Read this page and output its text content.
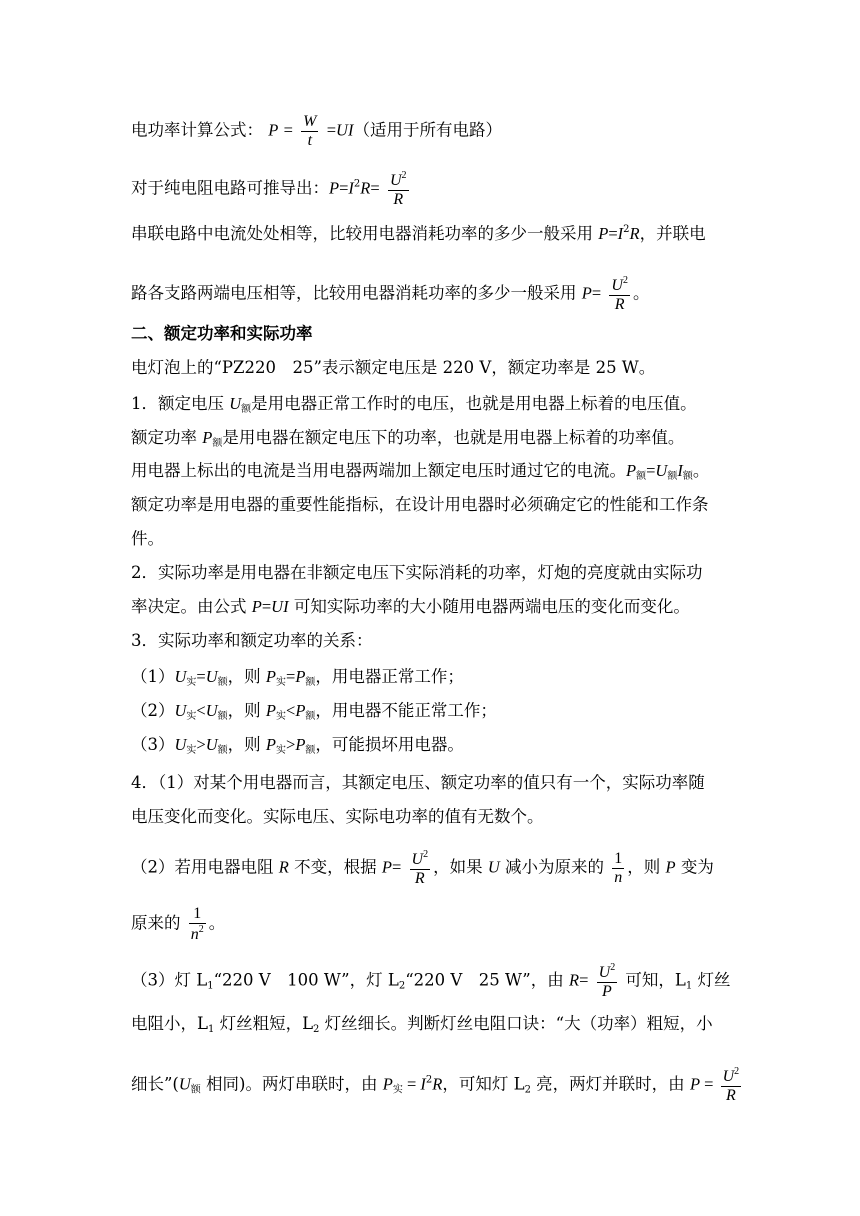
电功率计算公式： $P = \frac{W}{t} =UI$（适用于所有电路）
对于纯电阻电路可推导出：$P=I^2R= \frac{U^2}{R}$
串联电路中电流处处相等，比较用电器消耗功率的多少一般采用 $P=I^2R$，并联电
路各支路两端电压相等，比较用电器消耗功率的多少一般采用 $P= \frac{U^2}{R}$ 。
二、额定功率和实际功率
电灯泡上的“PZ220　25”表示额定电压是 220 V，额定功率是 25 W。
1．额定电压 $U_额$是用电器正常工作时的电压，也就是用电器上标着的电压值。
额定功率 $P_额$是用电器在额定电压下的功率，也就是用电器上标着的功率值。
用电器上标出的电流是当用电器两端加上额定电压时通过它的电流。$P_额=U_额I_额$。
额定功率是用电器的重要性能指标，在设计用电器时必须确定它的性能和工作条
件。
2．实际功率是用电器在非额定电压下实际消耗的功率，灯炮的亮度就由实际功
率决定。由公式 P=UI 可知实际功率的大小随用电器两端电压的变化而变化。
3．实际功率和额定功率的关系：
$(1)U_实=U_额$，则 $P_实=P_额$，用电器正常工作；
$(2)U_实<U_额$，则 $P_实<P_额$，用电器不能正常工作；
$(3)U_实>U_额$，则 $P_实>P_额$，可能损坏用电器。
4．（1）对某个用电器而言，其额定电压、额定功率的值只有一个，实际功率随
电压变化而变化。实际电压、实际电功率的值有无数个。
（2）若用电器电阻 R 不变，根据 $P= \frac{U^2}{R}$ ，如果 U 减小为原来的 $\frac{1}{n}$ ，则 P 变为
原来的 $\frac{1}{n^2}$ 。
（3）灯 $L_1“220$ V　100 W”，灯 $L_2“220$ V　25 W”，由 $R= \frac{U^2}{P}$ 可知，$L_1$ 灯丝
电阻小，$L_1$ 灯丝粗短，$L_2$ 灯丝细长。判断灯丝电阻口诀：“大（功率）粗短，小
细长$”(U_额$ 相同)。两灯串联时，由 $P_实 = I^2R$，可知灯 $L_2$ 亮，两灯并联时，由 $P = \frac{U^2}{R}$
